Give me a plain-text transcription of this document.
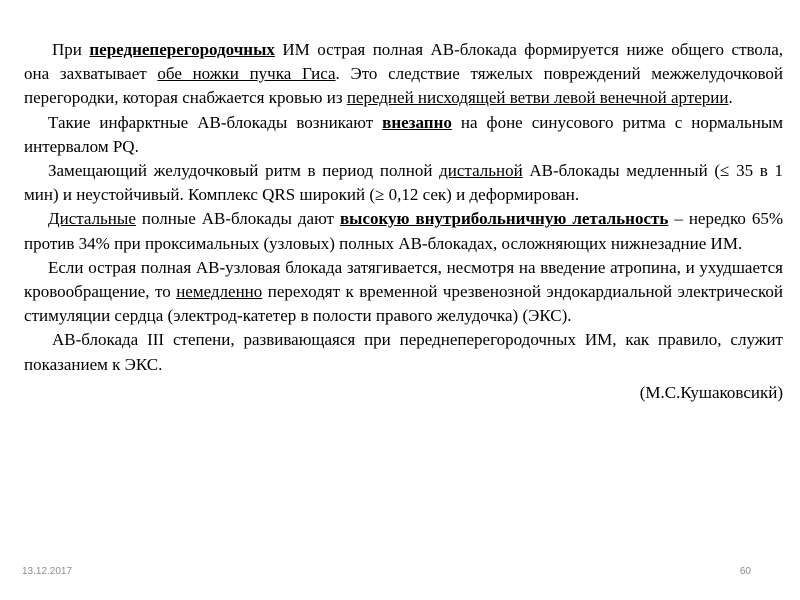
При переднеперегородочных ИМ острая полная АВ-блокада формируется ниже общего ствола, она захватывает обе ножки пучка Гиса. Это следствие тяжелых повреждений межжелудочковой перегородки, которая снабжается кровью из передней нисходящей ветви левой венечной артерии.

Такие инфарктные АВ-блокады возникают внезапно на фоне синусового ритма с нормальным интервалом PQ.

Замещающий желудочковый ритм в период полной дистальной АВ-блокады медленный (≤ 35 в 1 мин) и неустойчивый. Комплекс QRS широкий (≥ 0,12 сек) и деформирован.

Дистальные полные АВ-блокады дают высокую внутрибольничную летальность – нередко 65% против 34% при проксимальных (узловых) полных АВ-блокадах, осложняющих нижнезадние ИМ.

Если острая полная АВ-узловая блокада затягивается, несмотря на введение атропина, и ухудшается кровообращение, то немедленно переходят к временной чрезвенозной эндокардиальной электрической стимуляции сердца (электрод-катетер в полости правого желудочка) (ЭКС).

АВ-блокада III степени, развивающаяся при переднеперегородочных ИМ, как правило, служит показанием к ЭКС.

(М.С.Кушаковсикй)

13.12.2017	60
